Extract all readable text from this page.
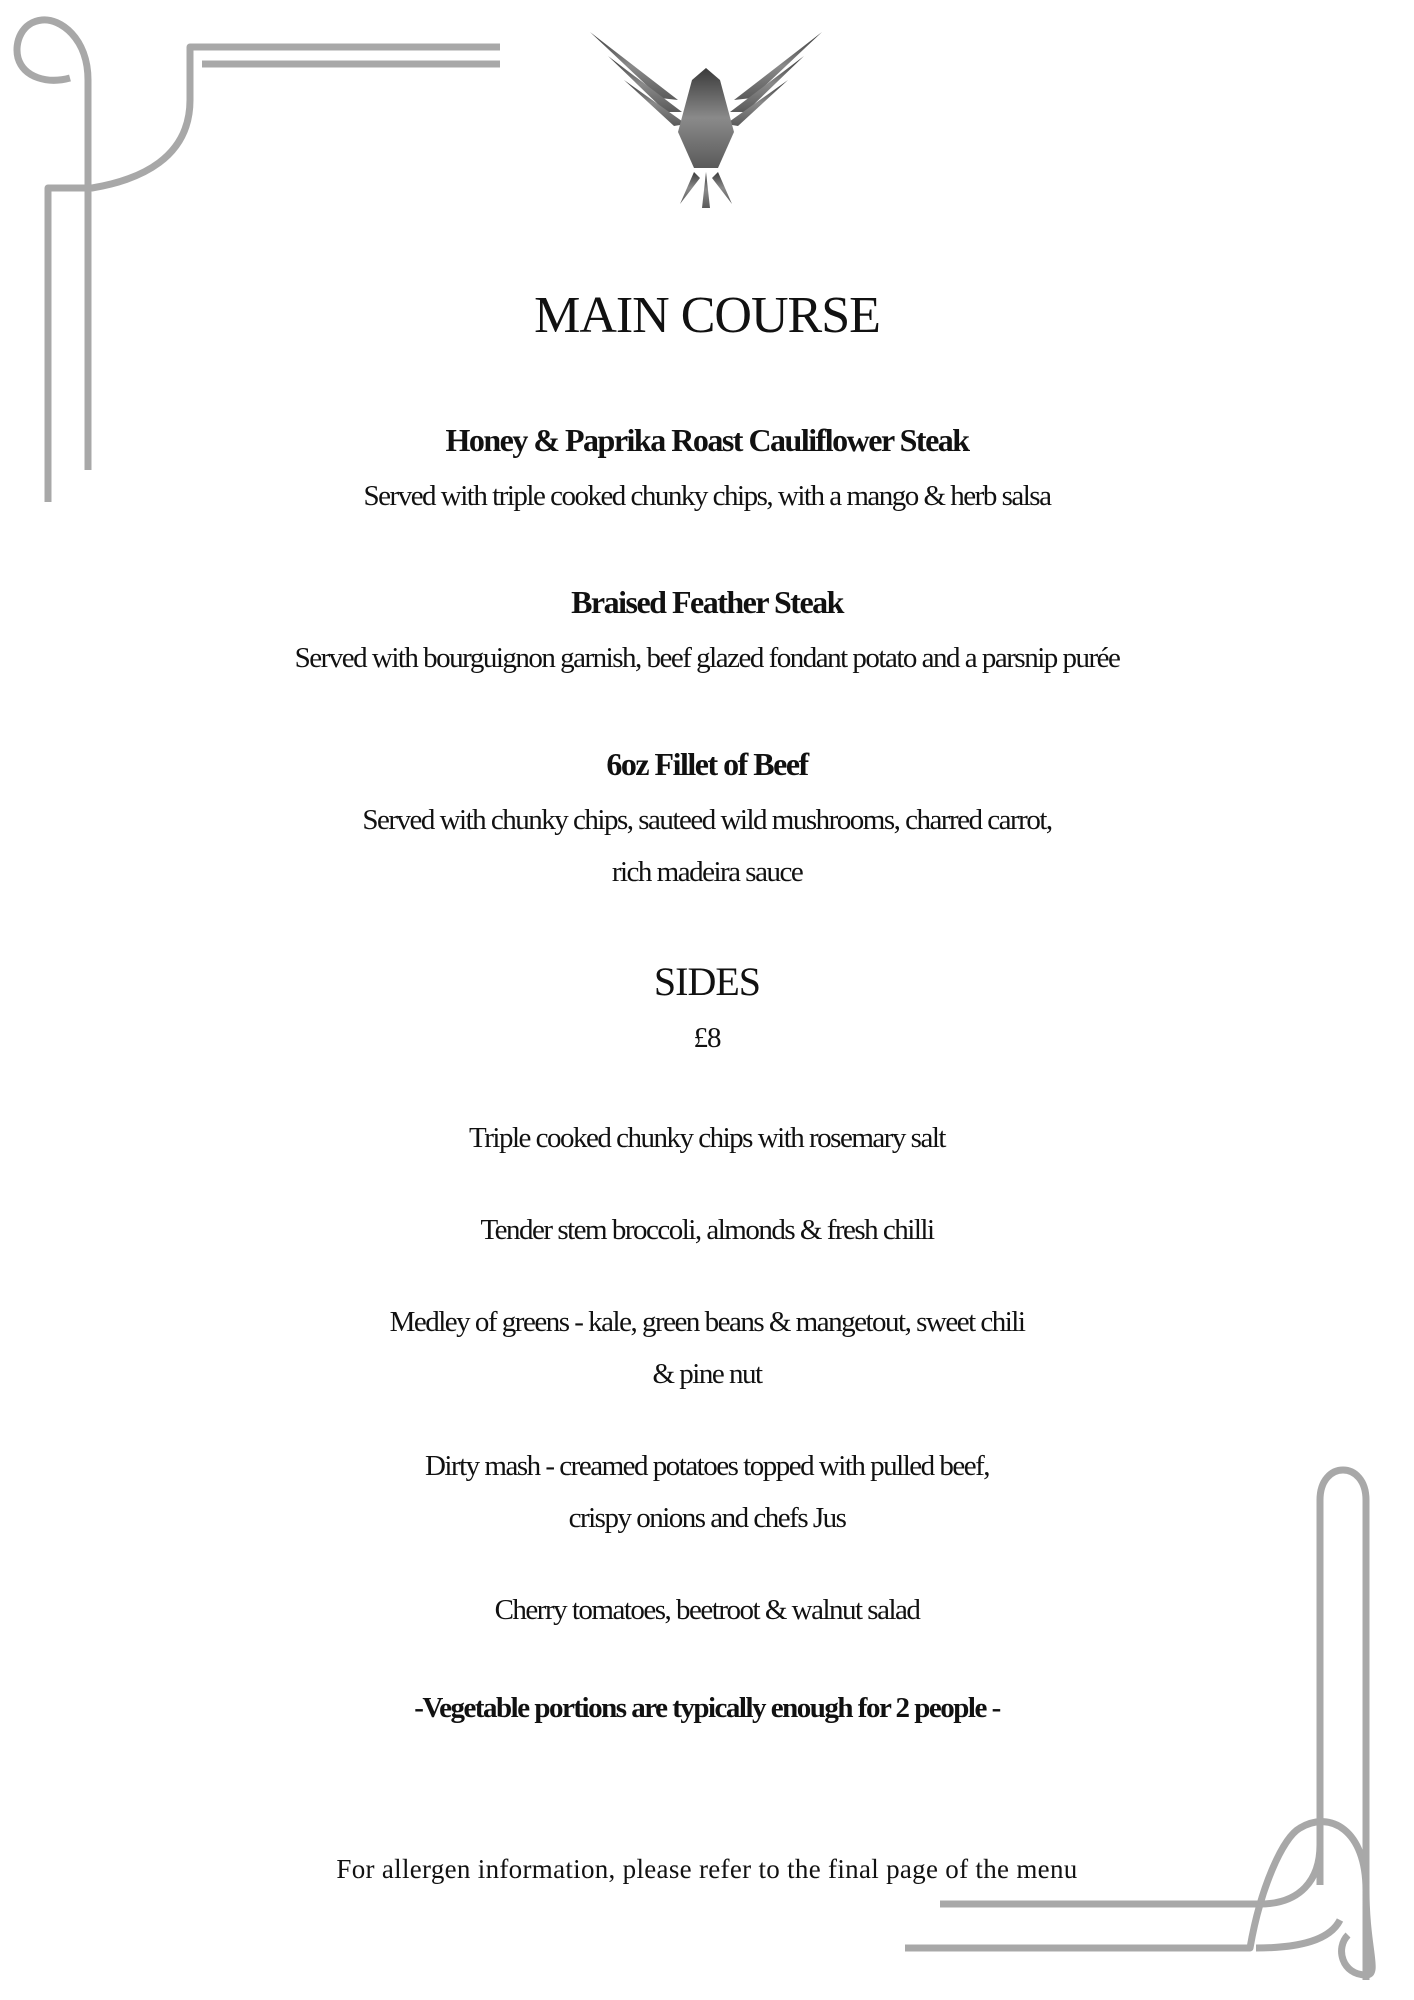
MAIN COURSE
Honey & Paprika Roast Cauliflower Steak
Served with triple cooked chunky chips, with a mango & herb salsa
Braised Feather Steak
Served with bourguignon garnish, beef glazed fondant potato and a parsnip purée
6oz Fillet of Beef
Served with chunky chips, sauteed wild mushrooms, charred carrot,
rich madeira sauce
SIDES
£8
Triple cooked chunky chips with rosemary salt
Tender stem broccoli, almonds & fresh chilli
Medley of greens - kale, green beans & mangetout, sweet chili
& pine nut
Dirty mash - creamed potatoes topped with pulled beef,
crispy onions and chefs Jus
Cherry tomatoes, beetroot & walnut salad
-Vegetable portions are typically enough for 2 people -
For allergen information, please refer to the final page of the menu
